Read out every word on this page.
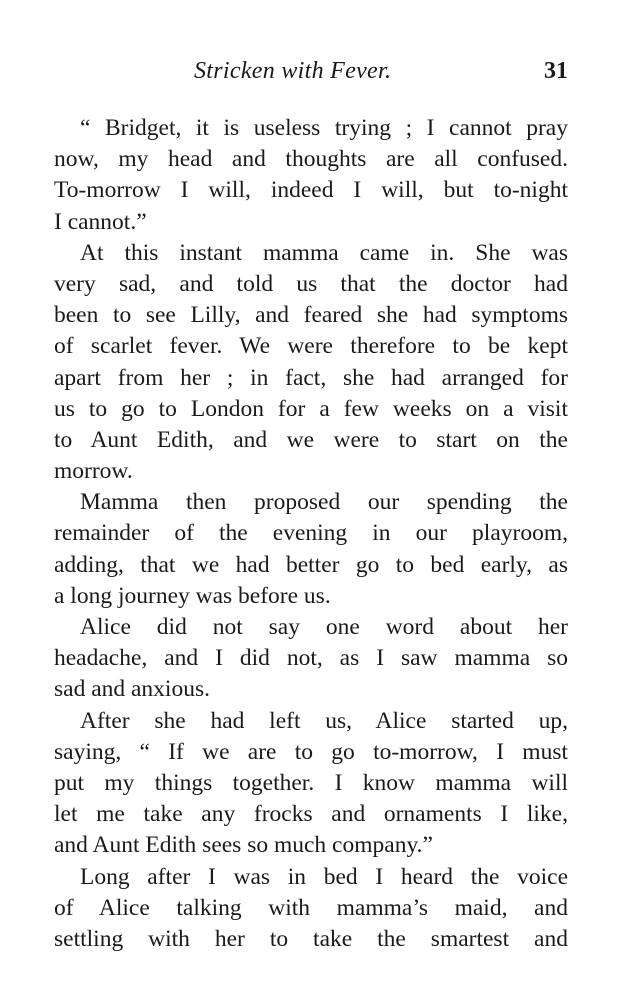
Stricken with Fever.	31
“ Bridget, it is useless trying ; I cannot pray
now, my head and thoughts are all confused.
To-morrow I will, indeed I will, but to-night
I cannot.”
At this instant mamma came in. She was
very sad, and told us that the doctor had
been to see Lilly, and feared she had symptoms
of scarlet fever. We were therefore to be kept
apart from her ; in fact, she had arranged for
us to go to London for a few weeks on a visit
to Aunt Edith, and we were to start on the
morrow.
Mamma then proposed our spending the
remainder of the evening in our playroom,
adding, that we had better go to bed early, as
a long journey was before us.
Alice did not say one word about her
headache, and I did not, as I saw mamma so
sad and anxious.
After she had left us, Alice started up,
saying, “ If we are to go to-morrow, I must
put my things together. I know mamma will
let me take any frocks and ornaments I like,
and Aunt Edith sees so much company.”
Long after I was in bed I heard the voice
of Alice talking with mamma’s maid, and
settling with her to take the smartest and
